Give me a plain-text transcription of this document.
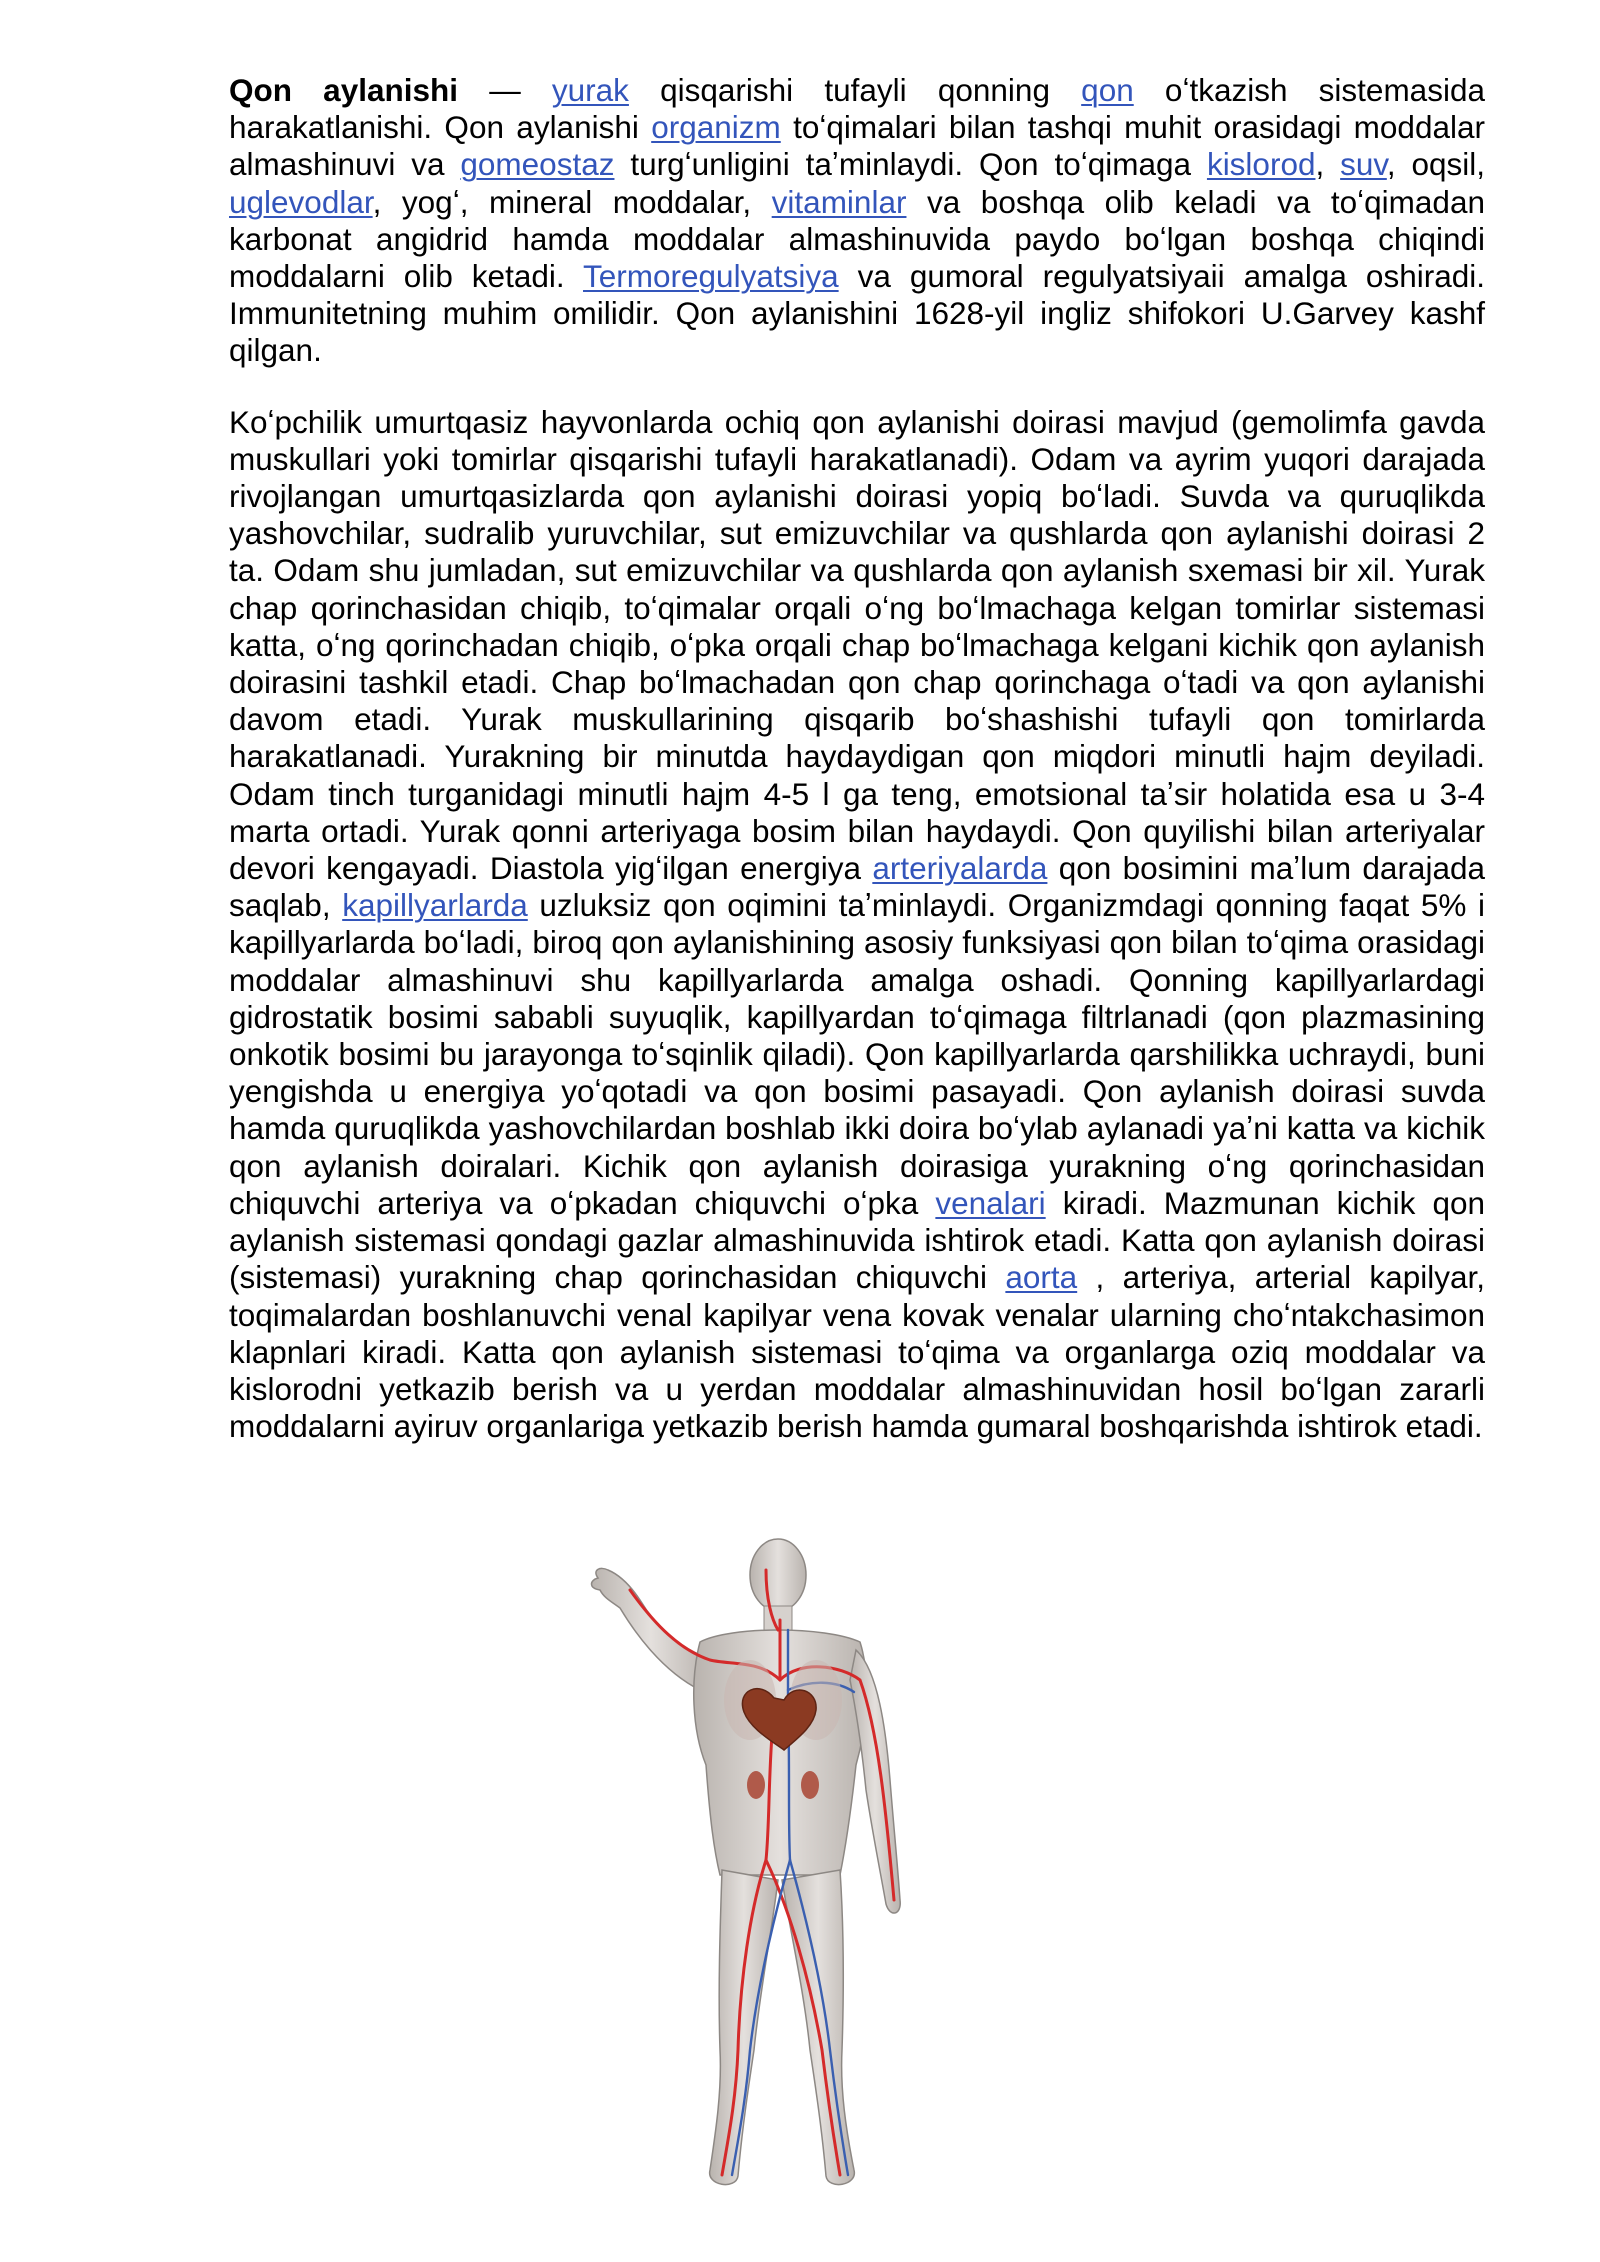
Qon aylanishi — yurak qisqarishi tufayli qonning qon oʻtkazish sistemasida harakatlanishi. Qon aylanishi organizm toʻqimalari bilan tashqi muhit orasidagi moddalar almashinuvi va gomeostaz turgʻunligini taʼminlaydi. Qon toʻqimaga kislorod, suv, oqsil, uglevodlar, yogʻ, mineral moddalar, vitaminlar va boshqa olib keladi va toʻqimadan karbonat angidrid hamda moddalar almashinuvida paydo boʻlgan boshqa chiqindi moddalarni olib ketadi. Termoregulyatsiya va gumoral regulyatsiyaii amalga oshiradi. Immunitetning muhim omilidir. Qon aylanishini 1628-yil ingliz shifokori U.Garvey kashf qilgan.

Koʻpchilik umurtqasiz hayvonlarda ochiq qon aylanishi doirasi mavjud (gemolimfa gavda muskullari yoki tomirlar qisqarishi tufayli harakatlanadi). Odam va ayrim yuqori darajada rivojlangan umurtqasizlarda qon aylanishi doirasi yopiq boʻladi. Suvda va quruqlikda yashovchilar, sudralib yuruvchilar, sut emizuvchilar va qushlarda qon aylanishi doirasi 2 ta. Odam shu jumladan, sut emizuvchilar va qushlarda qon aylanish sxemasi bir xil. Yurak chap qorinchasidan chiqib, toʻqimalar orqali oʻng boʻlmachaga kelgan tomirlar sistemasi katta, oʻng qorinchadan chiqib, oʻpka orqali chap boʻlmachaga kelgani kichik qon aylanish doirasini tashkil etadi. Chap boʻlmachadan qon chap qorinchaga oʻtadi va qon aylanishi davom etadi. Yurak muskullarining qisqarib boʻshashishi tufayli qon tomirlarda harakatlanadi. Yurakning bir minutda haydaydigan qon miqdori minutli hajm deyiladi. Odam tinch turganidagi minutli hajm 4-5 l ga teng, emotsional taʼsir holatida esa u 3-4 marta ortadi. Yurak qonni arteriyaga bosim bilan haydaydi. Qon quyilishi bilan arteriyalar devori kengayadi. Diastola yigʻilgan energiya arteriyalarda qon bosimini maʼlum darajada saqlab, kapillyarlarda uzluksiz qon oqimini taʼminlaydi. Organizmdagi qonning faqat 5% i kapillyarlarda boʻladi, biroq qon aylanishining asosiy funksiyasi qon bilan toʻqima orasidagi moddalar almashinuvi shu kapillyarlarda amalga oshadi. Qonning kapillyarlardagi gidrostatik bosimi sababli suyuqlik, kapillyardan toʻqimaga filtrlanadi (qon plazmasining onkotik bosimi bu jarayonga toʻsqinlik qiladi). Qon kapillyarlarda qarshilikka uchraydi, buni yengishda u energiya yoʻqotadi va qon bosimi pasayadi. Qon aylanish doirasi suvda hamda quruqlikda yashovchilardan boshlab ikki doira boʻylab aylanadi yaʼni katta va kichik qon aylanish doiralari. Kichik qon aylanish doirasiga yurakning oʻng qorinchasidan chiquvchi arteriya va oʻpkadan chiquvchi oʻpka venalari kiradi. Mazmunan kichik qon aylanish sistemasi qondagi gazlar almashinuvida ishtirok etadi. Katta qon aylanish doirasi (sistemasi) yurakning chap qorinchasidan chiquvchi aorta , arteriya, arterial kapilyar, toqimalardan boshlanuvchi venal kapilyar vena kovak venalar ularning choʻntakchasimon klapnlari kiradi. Katta qon aylanish sistemasi toʻqima va organlarga oziq moddalar va kislorodni yetkazib berish va u yerdan moddalar almashinuvidan hosil boʻlgan zararli moddalarni ayiruv organlariga yetkazib berish hamda gumaral boshqarishda ishtirok etadi.
